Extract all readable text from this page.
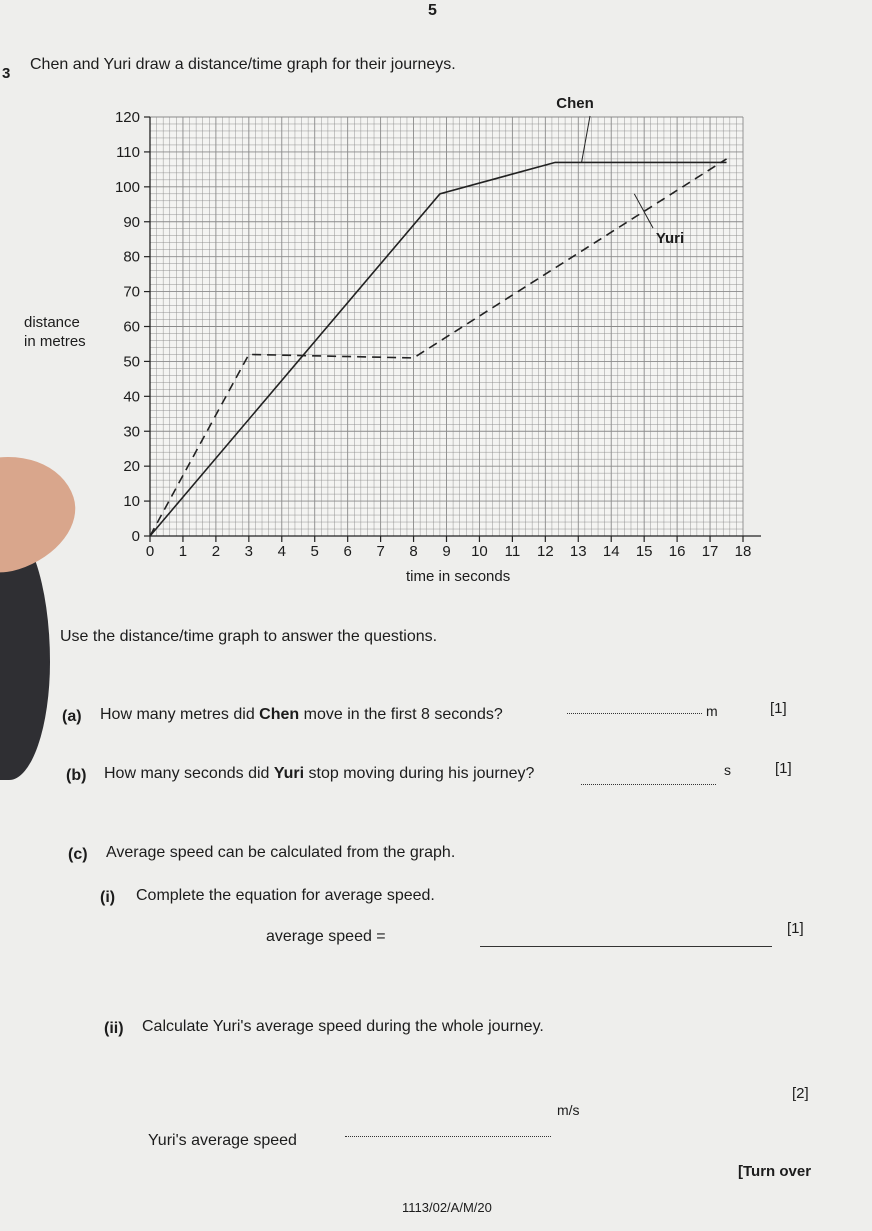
5
3
Chen and Yuri draw a distance/time graph for their journeys.
0 1 2 3 4 5 6 7 8 9 10 11 12 13 14 15 16 17 18
0
10
20
30
40
50
60
70
80
90
100
110
120
Chen
Yuri
distance
in metres
time in seconds
Use the distance/time graph to answer the questions.
(a) How many metres did Chen move in the first 8 seconds?	m	[1]
(b) How many seconds did Yuri stop moving during his journey?	s	[1]
(c) Average speed can be calculated from the graph.
(i) Complete the equation for average speed.
average speed =	[1]
(ii) Calculate Yuri's average speed during the whole journey.
[2]
Yuri's average speed
m/s
[Turn over
1113/02/A/M/20
